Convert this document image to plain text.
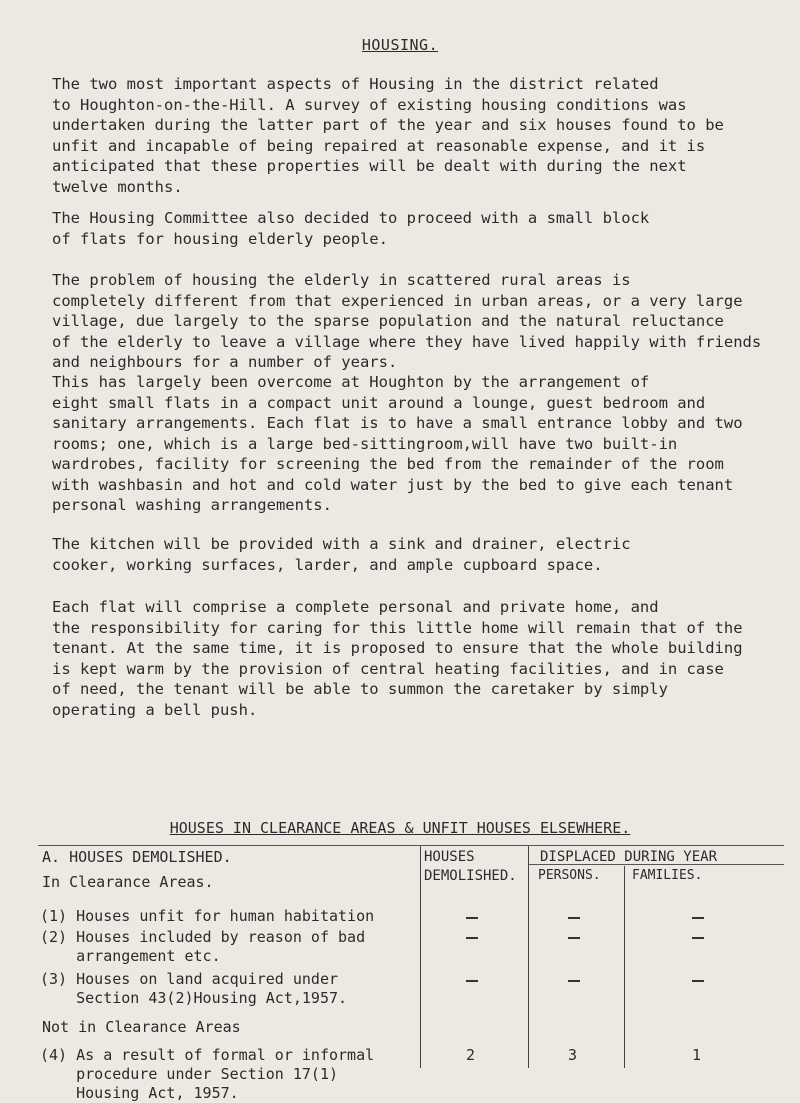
HOUSING.

The two most important aspects of Housing in the district related
to Houghton-on-the-Hill. A survey of existing housing conditions was
undertaken during the latter part of the year and six houses found to be
unfit and incapable of being repaired at reasonable expense, and it is
anticipated that these properties will be dealt with during the next
twelve months.

The Housing Committee also decided to proceed with a small block
of flats for housing elderly people.

The problem of housing the elderly in scattered rural areas is
completely different from that experienced in urban areas, or a very large
village, due largely to the sparse population and the natural reluctance
of the elderly to leave a village where they have lived happily with friends
and neighbours for a number of years.

This has largely been overcome at Houghton by the arrangement of
eight small flats in a compact unit around a lounge, guest bedroom and
sanitary arrangements. Each flat is to have a small entrance lobby and two
rooms; one, which is a large bed-sittingroom,will have two built-in
wardrobes, facility for screening the bed from the remainder of the room
with washbasin and hot and cold water just by the bed to give each tenant
personal washing arrangements.

The kitchen will be provided with a sink and drainer, electric
cooker, working surfaces, larder, and ample cupboard space.

Each flat will comprise a complete personal and private home, and
the responsibility for caring for this little home will remain that of the
tenant. At the same time, it is proposed to ensure that the whole building
is kept warm by the provision of central heating facilities, and in case
of need, the tenant will be able to summon the caretaker by simply
operating a bell push.

HOUSES IN CLEARANCE AREAS & UNFIT HOUSES ELSEWHERE.
A. HOUSES DEMOLISHED.
In Clearance Areas.
HOUSES
DEMOLISHED.
DISPLACED DURING YEAR
PERSONS. FAMILIES.
(1) Houses unfit for human habitation
(2) Houses included by reason of bad
arrangement etc.
(3) Houses on land acquired under
Section 43(2)Housing Act,1957.
Not in Clearance Areas
(4) As a result of formal or informal
procedure under Section 17(1)
Housing Act, 1957.
2	3	1
